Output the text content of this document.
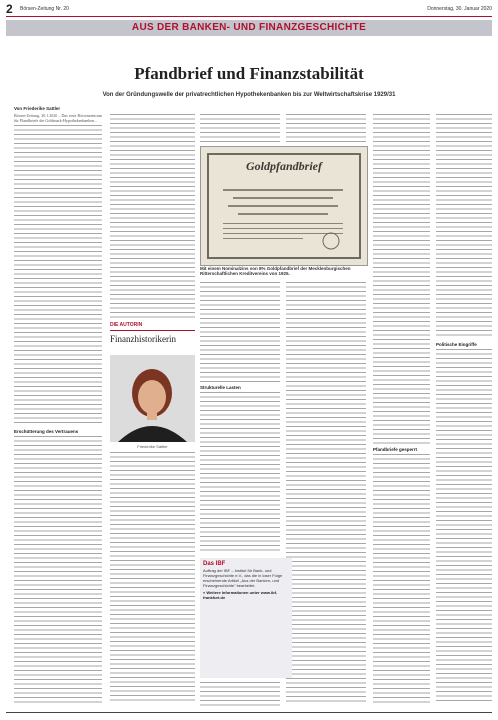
2 Börsen-Zeitung Nr. 20	Donnerstag, 30. Januar 2020
AUS DER BANKEN- UND FINANZGESCHICHTE
Pfandbrief und Finanzstabilität
Von der Gründungswelle der privatrechtlichen Hypothekenbanken bis zur Weltwirtschaftskrise 1929/31
Von Friederike Sattler
Börsen-Zeitung, 30.1.2020 – Das erste Börsenzentrum für Pfandbriefe der Goldmark-Hypothekenbanken...
Erschütterung des Vertrauens
DIE AUTORIN
Finanzhistorikerin
Friederike Sattler
Goldpfandbrief
Mit einem Nominalzins von 8% Goldpfandbrief der Mecklenburgischen Ritterschaftlichen Kreditvereins von 1925.
Strukturelle Lasten
Das IBF
Auftrag der IBF – Institut für Bank- und Finanzgeschichte e.V., das die in loser Folge erscheinende Artikel „Aus der Banken- und Finanzgeschichte“ bearbeitet.
» Weitere Informationen unter www.ibf-frankfurt.de
Pfandbriefe gesperrt
Politische Eingriffe
